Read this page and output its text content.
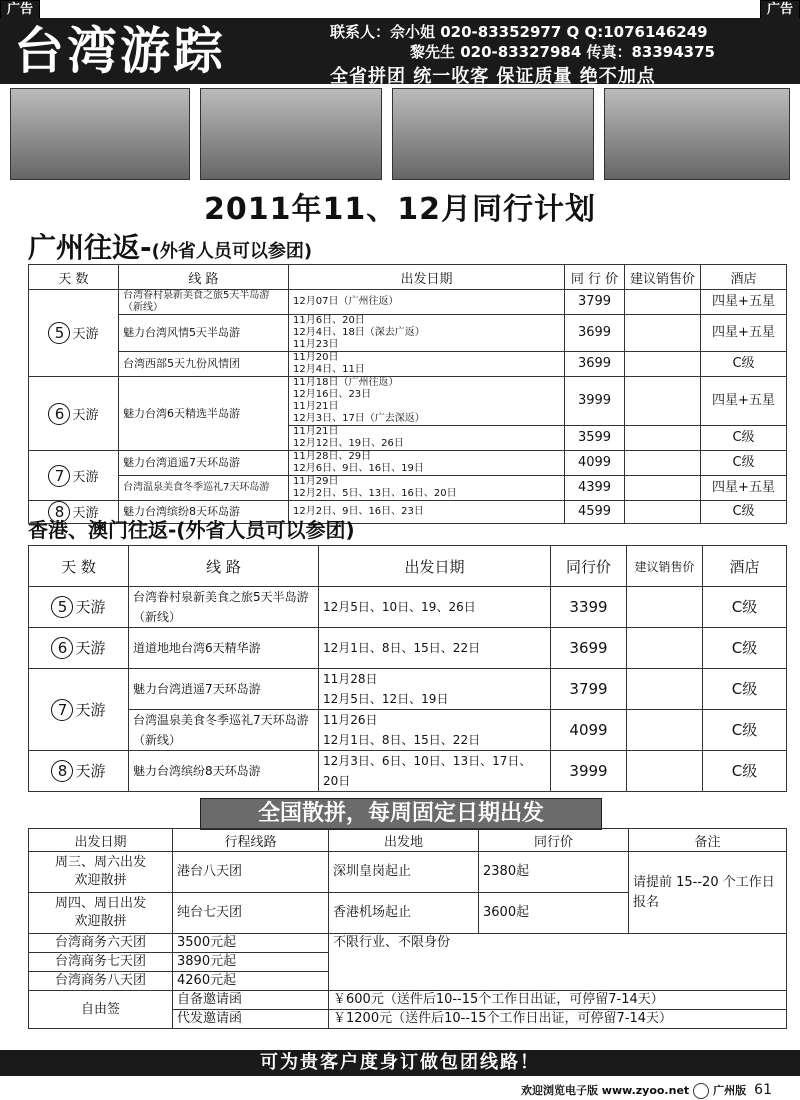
广告	广告
台湾游踪	联系人：佘小姐 020-83352977 Q Q:1076146249
黎先生 020-83327984 传真：83394375
全省拼团 统一收客 保证质量 绝不加点
2011年11、12月同行计划
广州往返-(外省人员可以参团)
天 数	线 路	出发日期	同 行 价	建议销售价	酒店
5 天游	台湾眷村泉新美食之旅5天半岛游（新线）	12月07日（广州往返）	3799		四星+五星

	魅力台湾风情5天半岛游	11月6日、20日
12月4日、18日（深去广返）
11月23日	3699		四星+五星
	台湾西部5天九份风情团	11月20日
12月4日、11日	3699		C级

6 天游	魅力台湾6天精选半岛游	11月18日（广州往返）
12月16日、23日
11月21日
12月3日、17日（广去深返）	3999		四星+五星

		11月21日
12月12日、19日、26日	3599		C级
7 天游	魅力台湾逍遥7天环岛游	11月28日、29日
12月6日、9日、16日、19日	4099		C级
	台湾温泉美食冬季巡礼7天环岛游	11月29日
12月2日、5日、13日、16日、20日	4399		四星+五星
8 天游	魅力台湾缤纷8天环岛游	12月2日、9日、16日、23日	4599		C级
香港、澳门往返-(外省人员可以参团)
天 数	线 路	出发日期	同行价	建议销售价	酒店
5 天游	台湾眷村泉新美食之旅5天半岛游（新线）	12月5日、10日、19、26日	3399		C级
6 天游	道道地地台湾6天精华游	12月1日、8日、15日、22日	3699		C级
7 天游	魅力台湾逍遥7天环岛游	11月28日
12月5日、12日、19日	3799		C级
	台湾温泉美食冬季巡礼7天环岛游（新线）	11月26日
12月1日、8日、15日、22日	4099		C级
8 天游	魅力台湾缤纷8天环岛游	12月3日、6日、10日、13日、17日、20日	3999		C级
全国散拼，每周固定日期出发
出发日期	行程线路	出发地	同行价	备注

周三、周六出发
欢迎散拼	港台八天团	深圳皇岗起止	2380起	请提前 15--20 个工作日报名

周四、周日出发
欢迎散拼	纯台七天团	香港机场起止	3600起	
台湾商务六天团	3500元起	不限行业、不限身份		
台湾商务七天团	3890元起			
台湾商务八天团	4260元起			
自由签	自备邀请函	￥600元（送件后10--15个工作日出证，可停留7-14天）		
	代发邀请函	￥1200元（送件后10--15个工作日出证，可停留7-14天）		
可为贵客户度身订做包团线路！
欢迎浏览电子版 www.zyoo.net 广州版 61
